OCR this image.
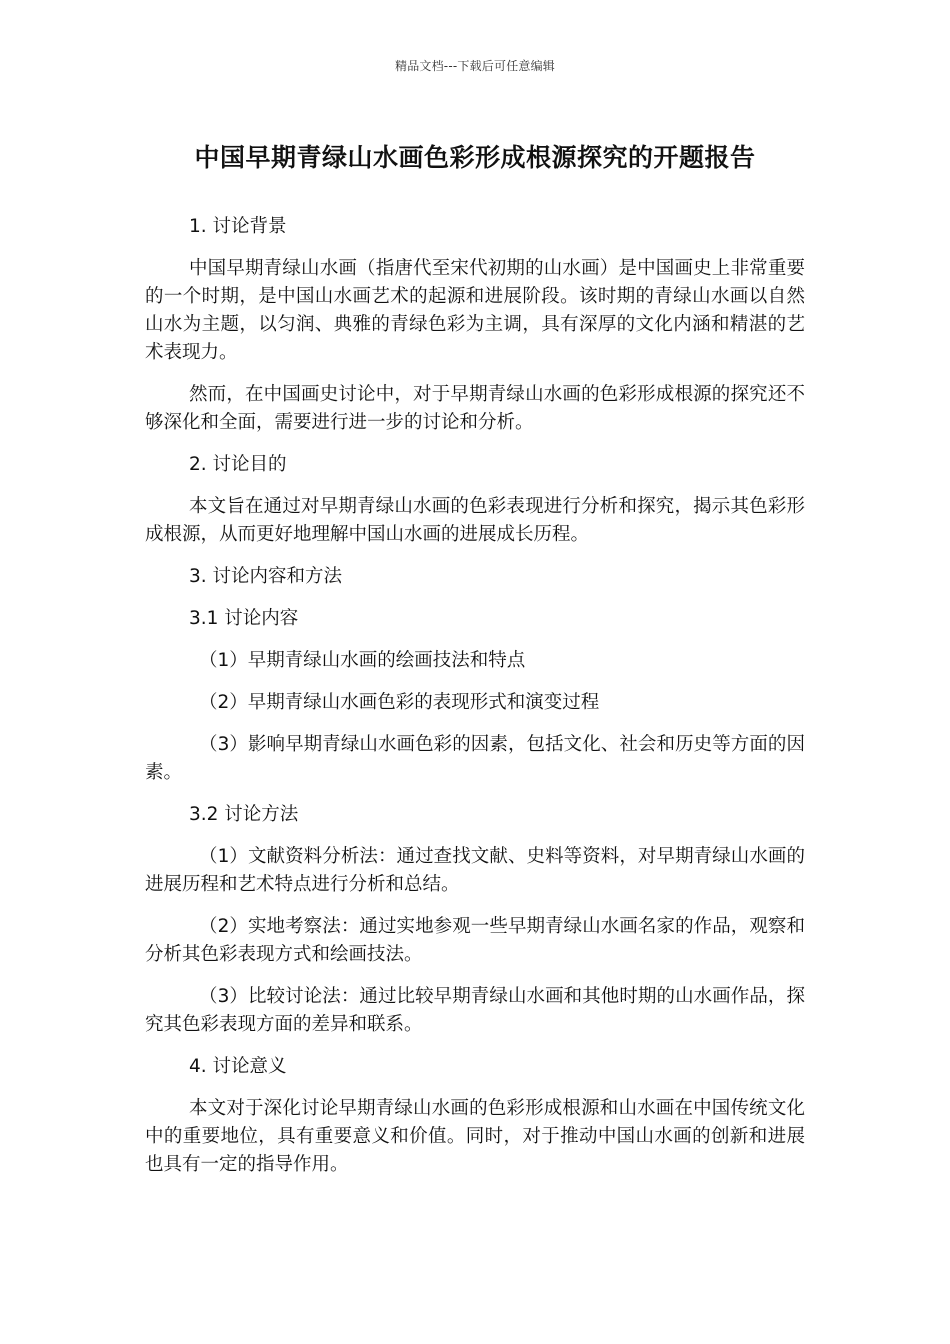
精品文档---下载后可任意编辑
中国早期青绿山水画色彩形成根源探究的开题报告

1. 讨论背景

中国早期青绿山水画（指唐代至宋代初期的山水画）是中国画史上非常重要的一个时期，是中国山水画艺术的起源和进展阶段。该时期的青绿山水画以自然山水为主题，以匀润、典雅的青绿色彩为主调，具有深厚的文化内涵和精湛的艺术表现力。

然而，在中国画史讨论中，对于早期青绿山水画的色彩形成根源的探究还不够深化和全面，需要进行进一步的讨论和分析。

2. 讨论目的

本文旨在通过对早期青绿山水画的色彩表现进行分析和探究，揭示其色彩形成根源，从而更好地理解中国山水画的进展成长历程。

3. 讨论内容和方法

3.1 讨论内容

（1）早期青绿山水画的绘画技法和特点

（2）早期青绿山水画色彩的表现形式和演变过程

（3）影响早期青绿山水画色彩的因素，包括文化、社会和历史等方面的因素。

3.2 讨论方法

（1）文献资料分析法：通过查找文献、史料等资料，对早期青绿山水画的进展历程和艺术特点进行分析和总结。

（2）实地考察法：通过实地参观一些早期青绿山水画名家的作品，观察和分析其色彩表现方式和绘画技法。

（3）比较讨论法：通过比较早期青绿山水画和其他时期的山水画作品，探究其色彩表现方面的差异和联系。

4. 讨论意义

本文对于深化讨论早期青绿山水画的色彩形成根源和山水画在中国传统文化中的重要地位，具有重要意义和价值。同时，对于推动中国山水画的创新和进展也具有一定的指导作用。
